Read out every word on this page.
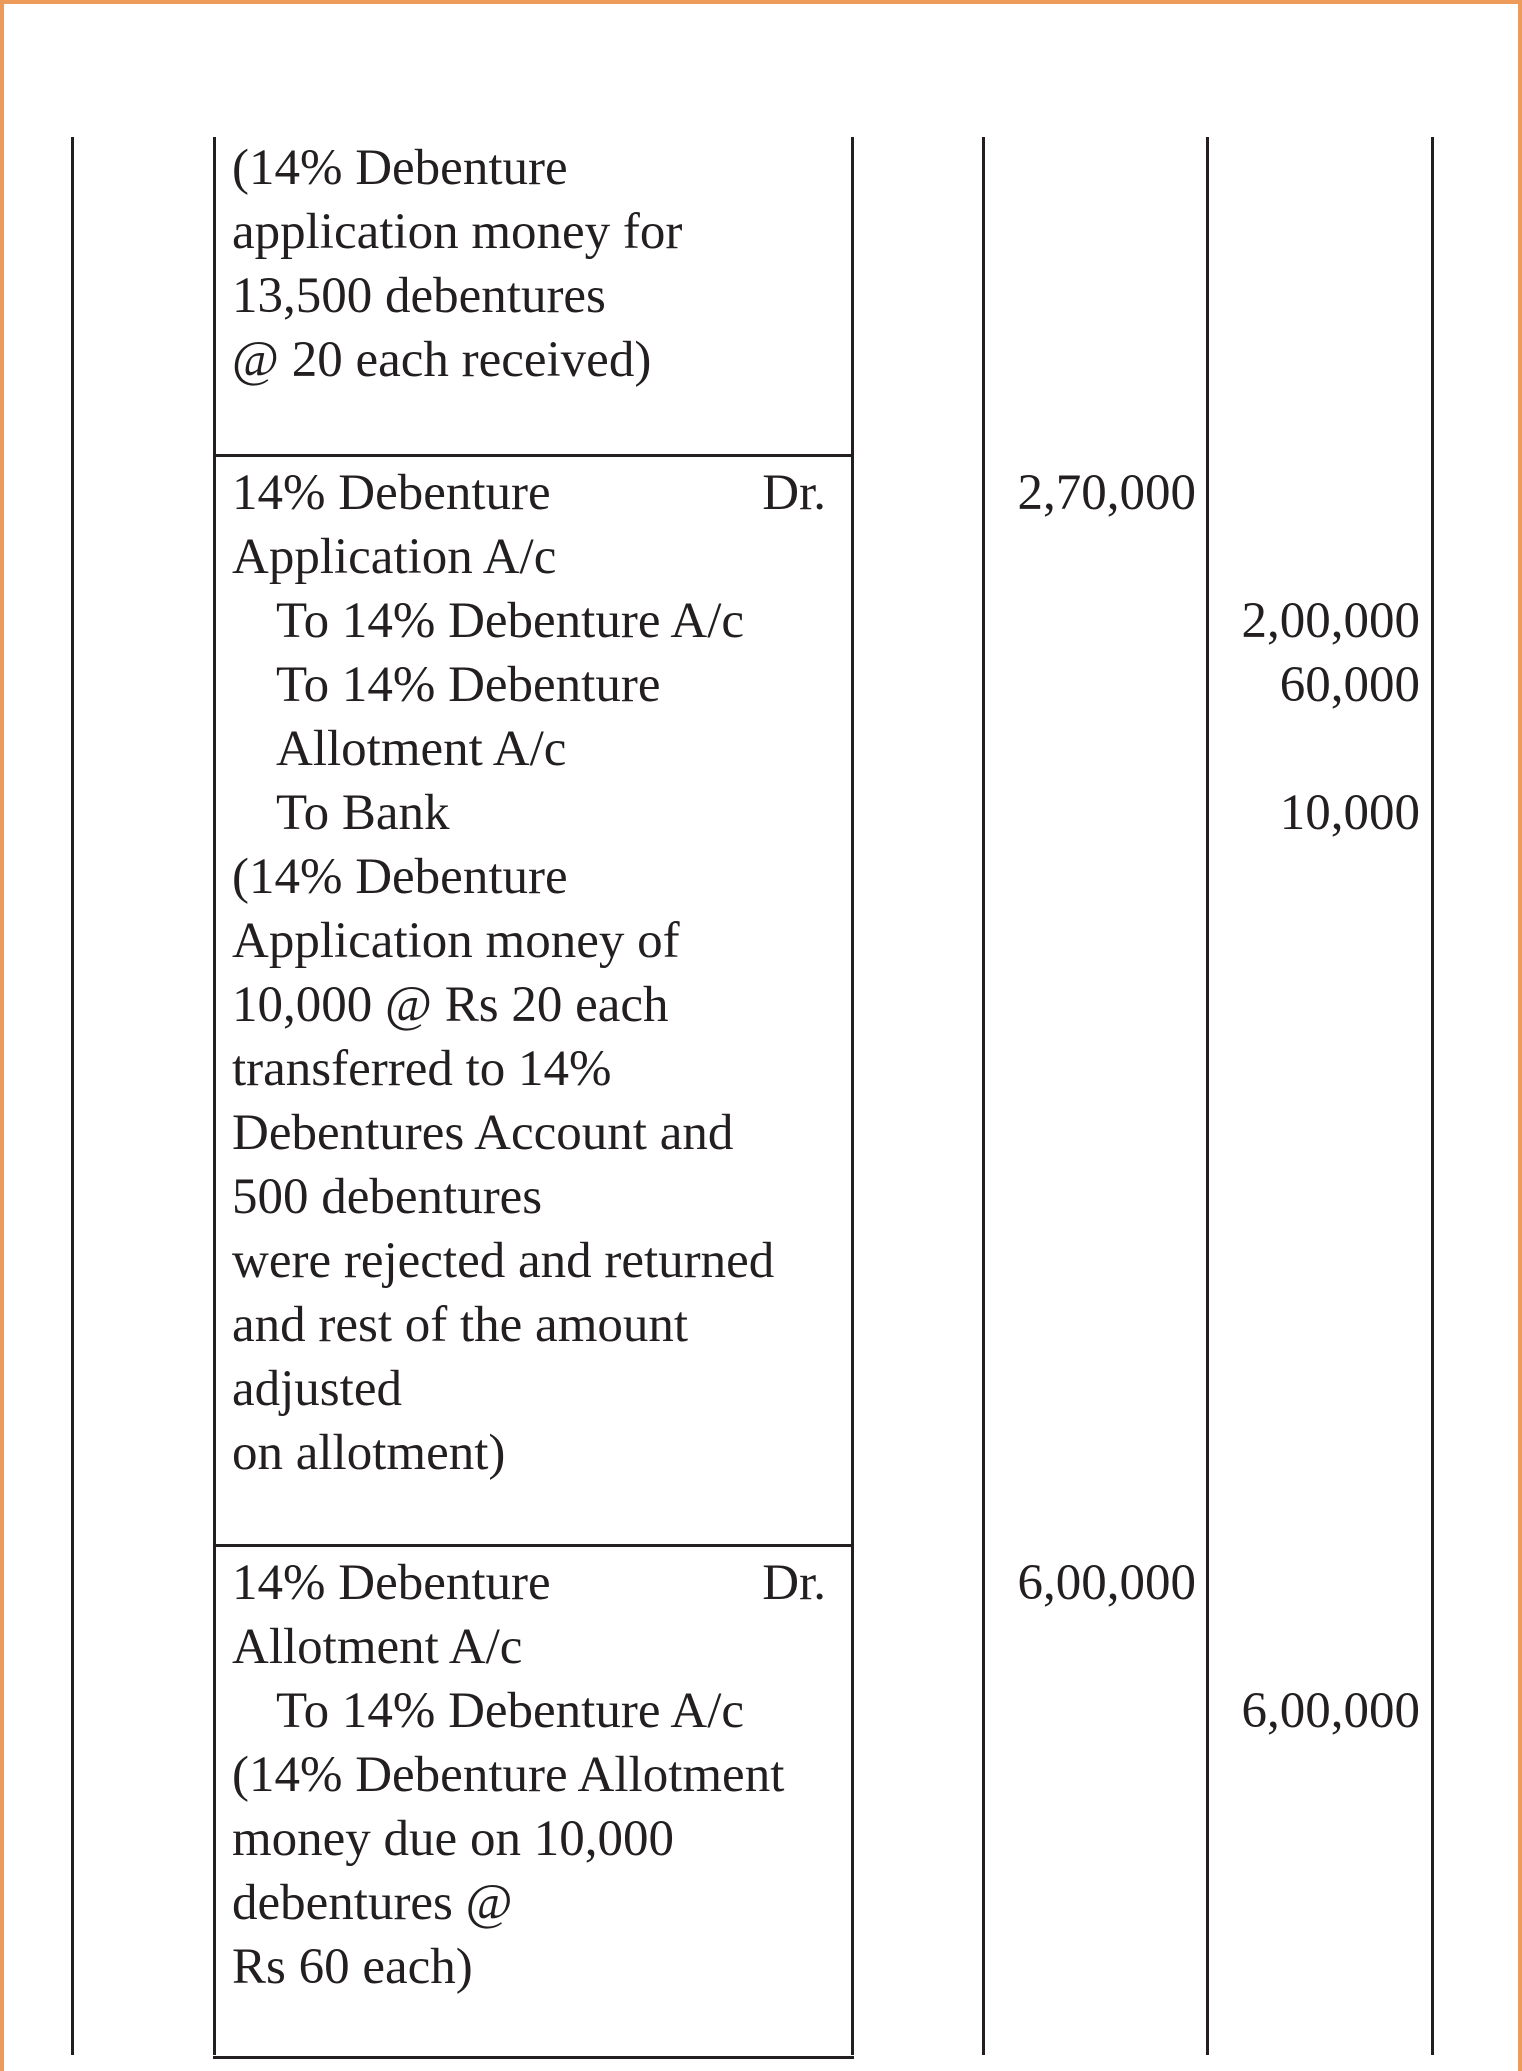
(14% Debenture
application money for
13,500 debentures
@ 20 each received)
14% Debenture	Dr.
Application A/c
To 14% Debenture A/c
To 14% Debenture
Allotment A/c
To Bank
(14% Debenture
Application money of
10,000 @ Rs 20 each
transferred to 14%
Debentures Account and
500 debentures
were rejected and returned
and rest of the amount
adjusted
on allotment)
2,70,000
2,00,000
60,000
10,000
14% Debenture	Dr.
Allotment A/c
To 14% Debenture A/c
(14% Debenture Allotment
money due on 10,000
debentures @
Rs 60 each)
6,00,000
6,00,000
